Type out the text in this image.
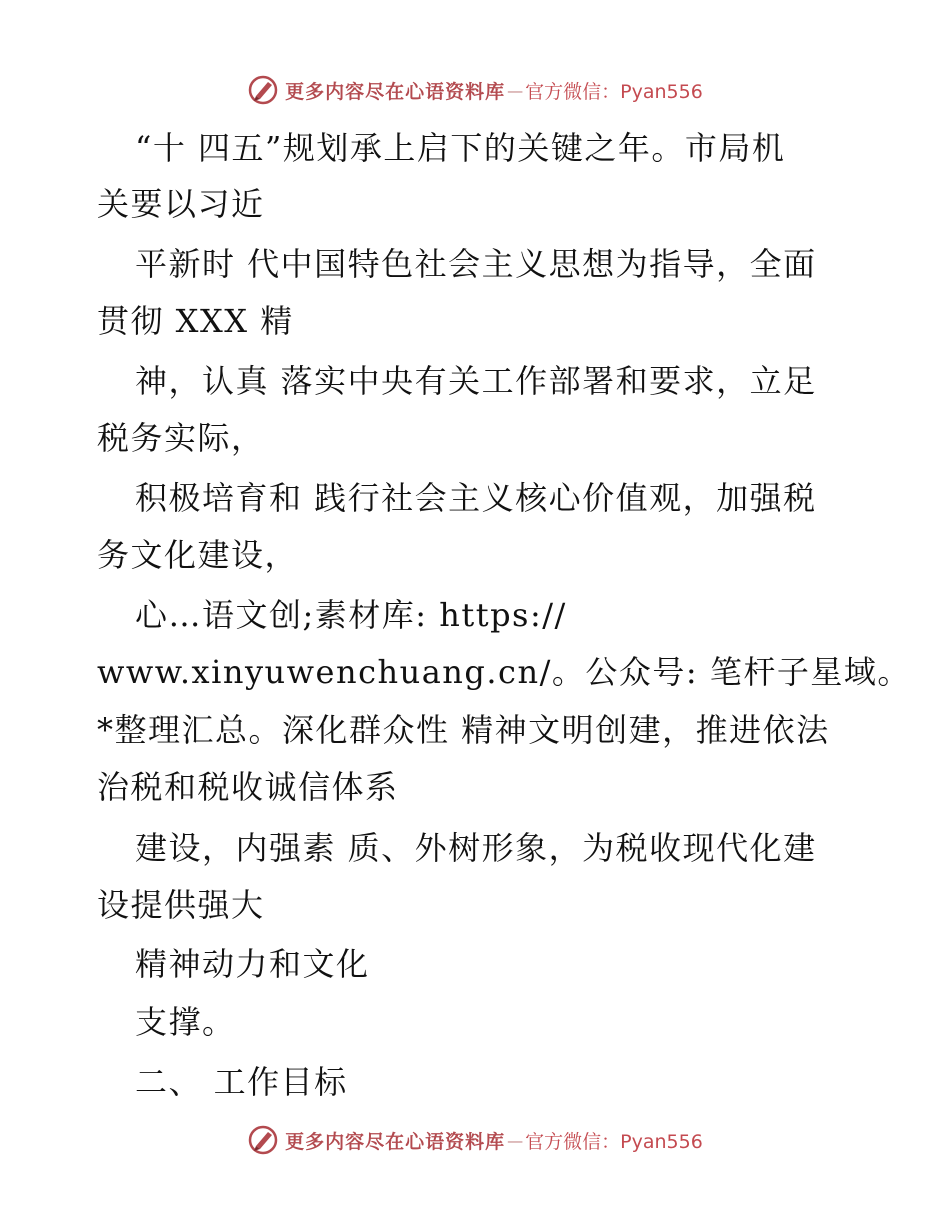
更多内容尽在心语资料库 — 官方微信：Pyan556
“十 四五”规划承上启下的关键之年。市局机
关要以习近
平新时 代中国特色社会主义思想为指导，全面
贯彻 XXX 精
神，认真 落实中央有关工作部署和要求，立足
税务实际，
积极培育和 践行社会主义核心价值观，加强税
务文化建设，
心…语文创;素材库: https://
www.xinyuwenchuang.cn/。公众号: 笔杆子星域。
*整理汇总。深化群众性 精神文明创建，推进依法
治税和税收诚信体系
建设，内强素 质、外树形象，为税收现代化建
设提供强大
精神动力和文化
支撑。
二、 工作目标
更多内容尽在心语资料库 — 官方微信：Pyan556
